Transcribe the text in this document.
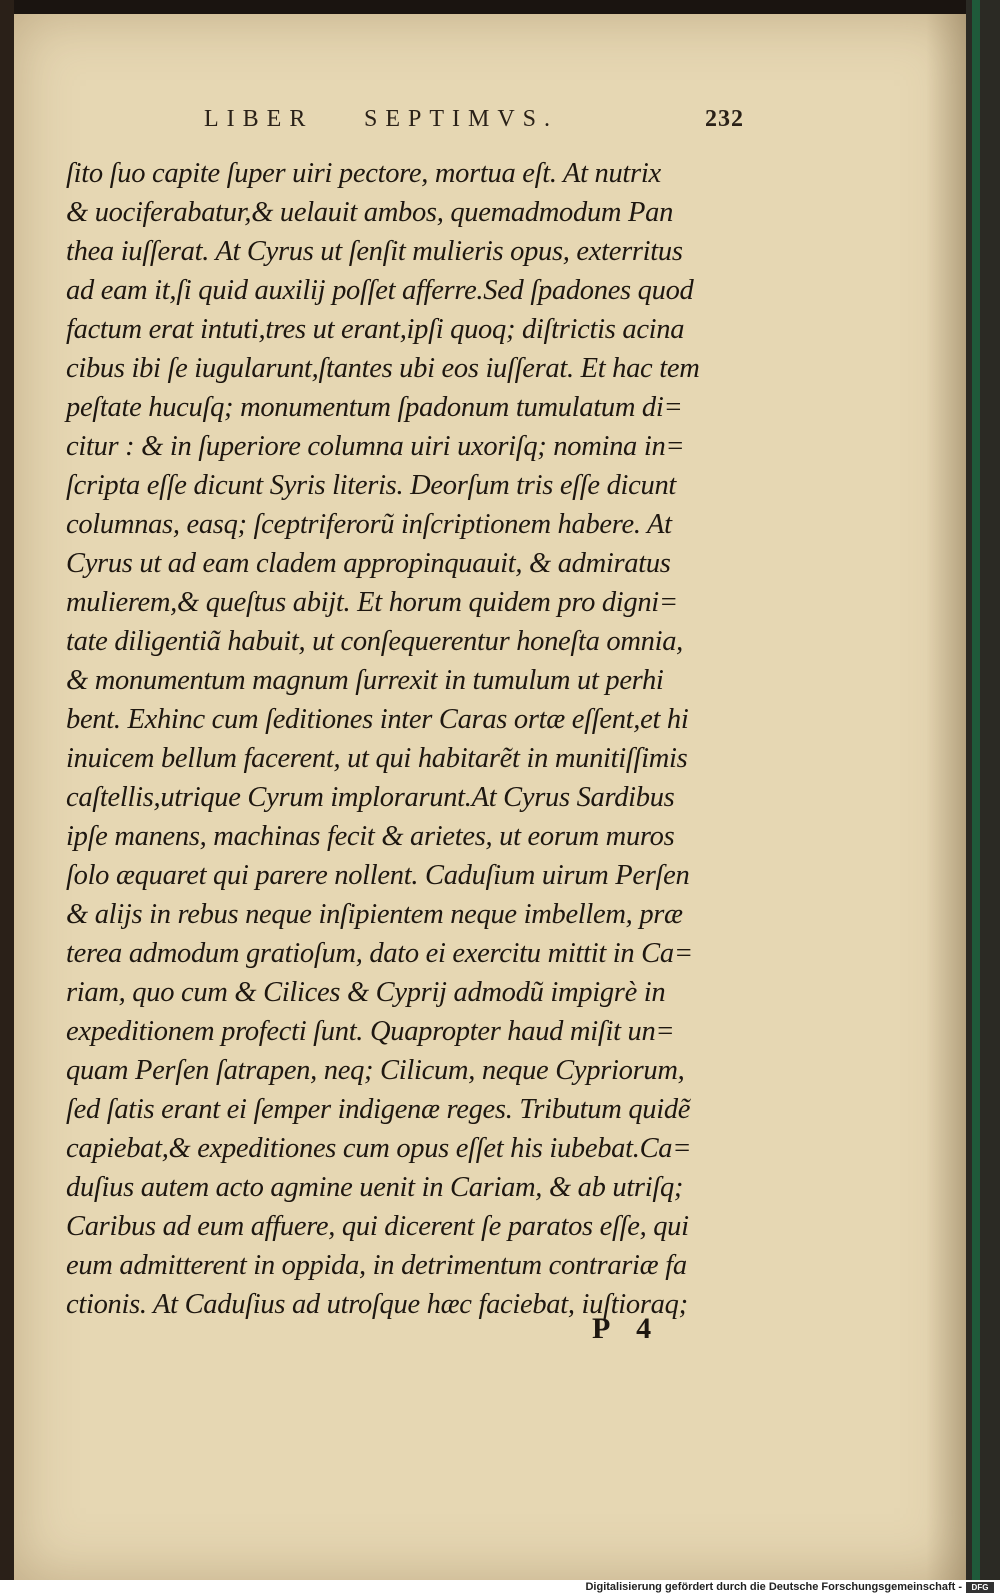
LIBER SEPTIMVS.	232
ſito ſuo capite ſuper uiri pectore, mortua eſt. At nutrix
& uociferabatur,& uelauit ambos, quemadmodum Pan
thea iuſſerat. At Cyrus ut ſenſit mulieris opus, exterritus
ad eam it,ſi quid auxilij poſſet afferre.Sed ſpadones quod
factum erat intuti,tres ut erant,ipſi quoq; diſtrictis acina
cibus ibi ſe iugularunt,ſtantes ubi eos iuſſerat. Et hac tem
peſtate hucuſq; monumentum ſpadonum tumulatum di=
citur : & in ſuperiore columna uiri uxoriſq; nomina in=
ſcripta eſſe dicunt Syris literis. Deorſum tris eſſe dicunt
columnas, easq; ſceptriferorũ inſcriptionem habere. At
Cyrus ut ad eam cladem appropinquauit, & admiratus
mulierem,& queſtus abijt. Et horum quidem pro digni=
tate diligentiã habuit, ut conſequerentur honeſta omnia,
& monumentum magnum ſurrexit in tumulum ut perhi
bent. Exhinc cum ſeditiones inter Caras ortæ eſſent,et hi
inuicem bellum facerent, ut qui habitarẽt in munitiſſimis
caſtellis,utrique Cyrum implorarunt.At Cyrus Sardibus
ipſe manens, machinas fecit & arietes, ut eorum muros
ſolo æquaret qui parere nollent. Caduſium uirum Perſen
& alijs in rebus neque inſipientem neque imbellem, præ
terea admodum gratioſum, dato ei exercitu mittit in Ca=
riam, quo cum & Cilices & Cyprij admodũ impigrè in
expeditionem profecti ſunt. Quapropter haud miſit un=
quam Perſen ſatrapen, neq; Cilicum, neque Cypriorum,
ſed ſatis erant ei ſemper indigenæ reges. Tributum quidẽ
capiebat,& expeditiones cum opus eſſet his iubebat.Ca=
duſius autem acto agmine uenit in Cariam, & ab utriſq;
Caribus ad eum affuere, qui dicerent ſe paratos eſſe, qui
eum admitterent in oppida, in detrimentum contrariæ fa
ctionis. At Caduſius ad utroſque hæc faciebat, iuſtioraq;
P 4
Digitalisierung gefördert durch die Deutsche Forschungsgemeinschaft -	DFG
